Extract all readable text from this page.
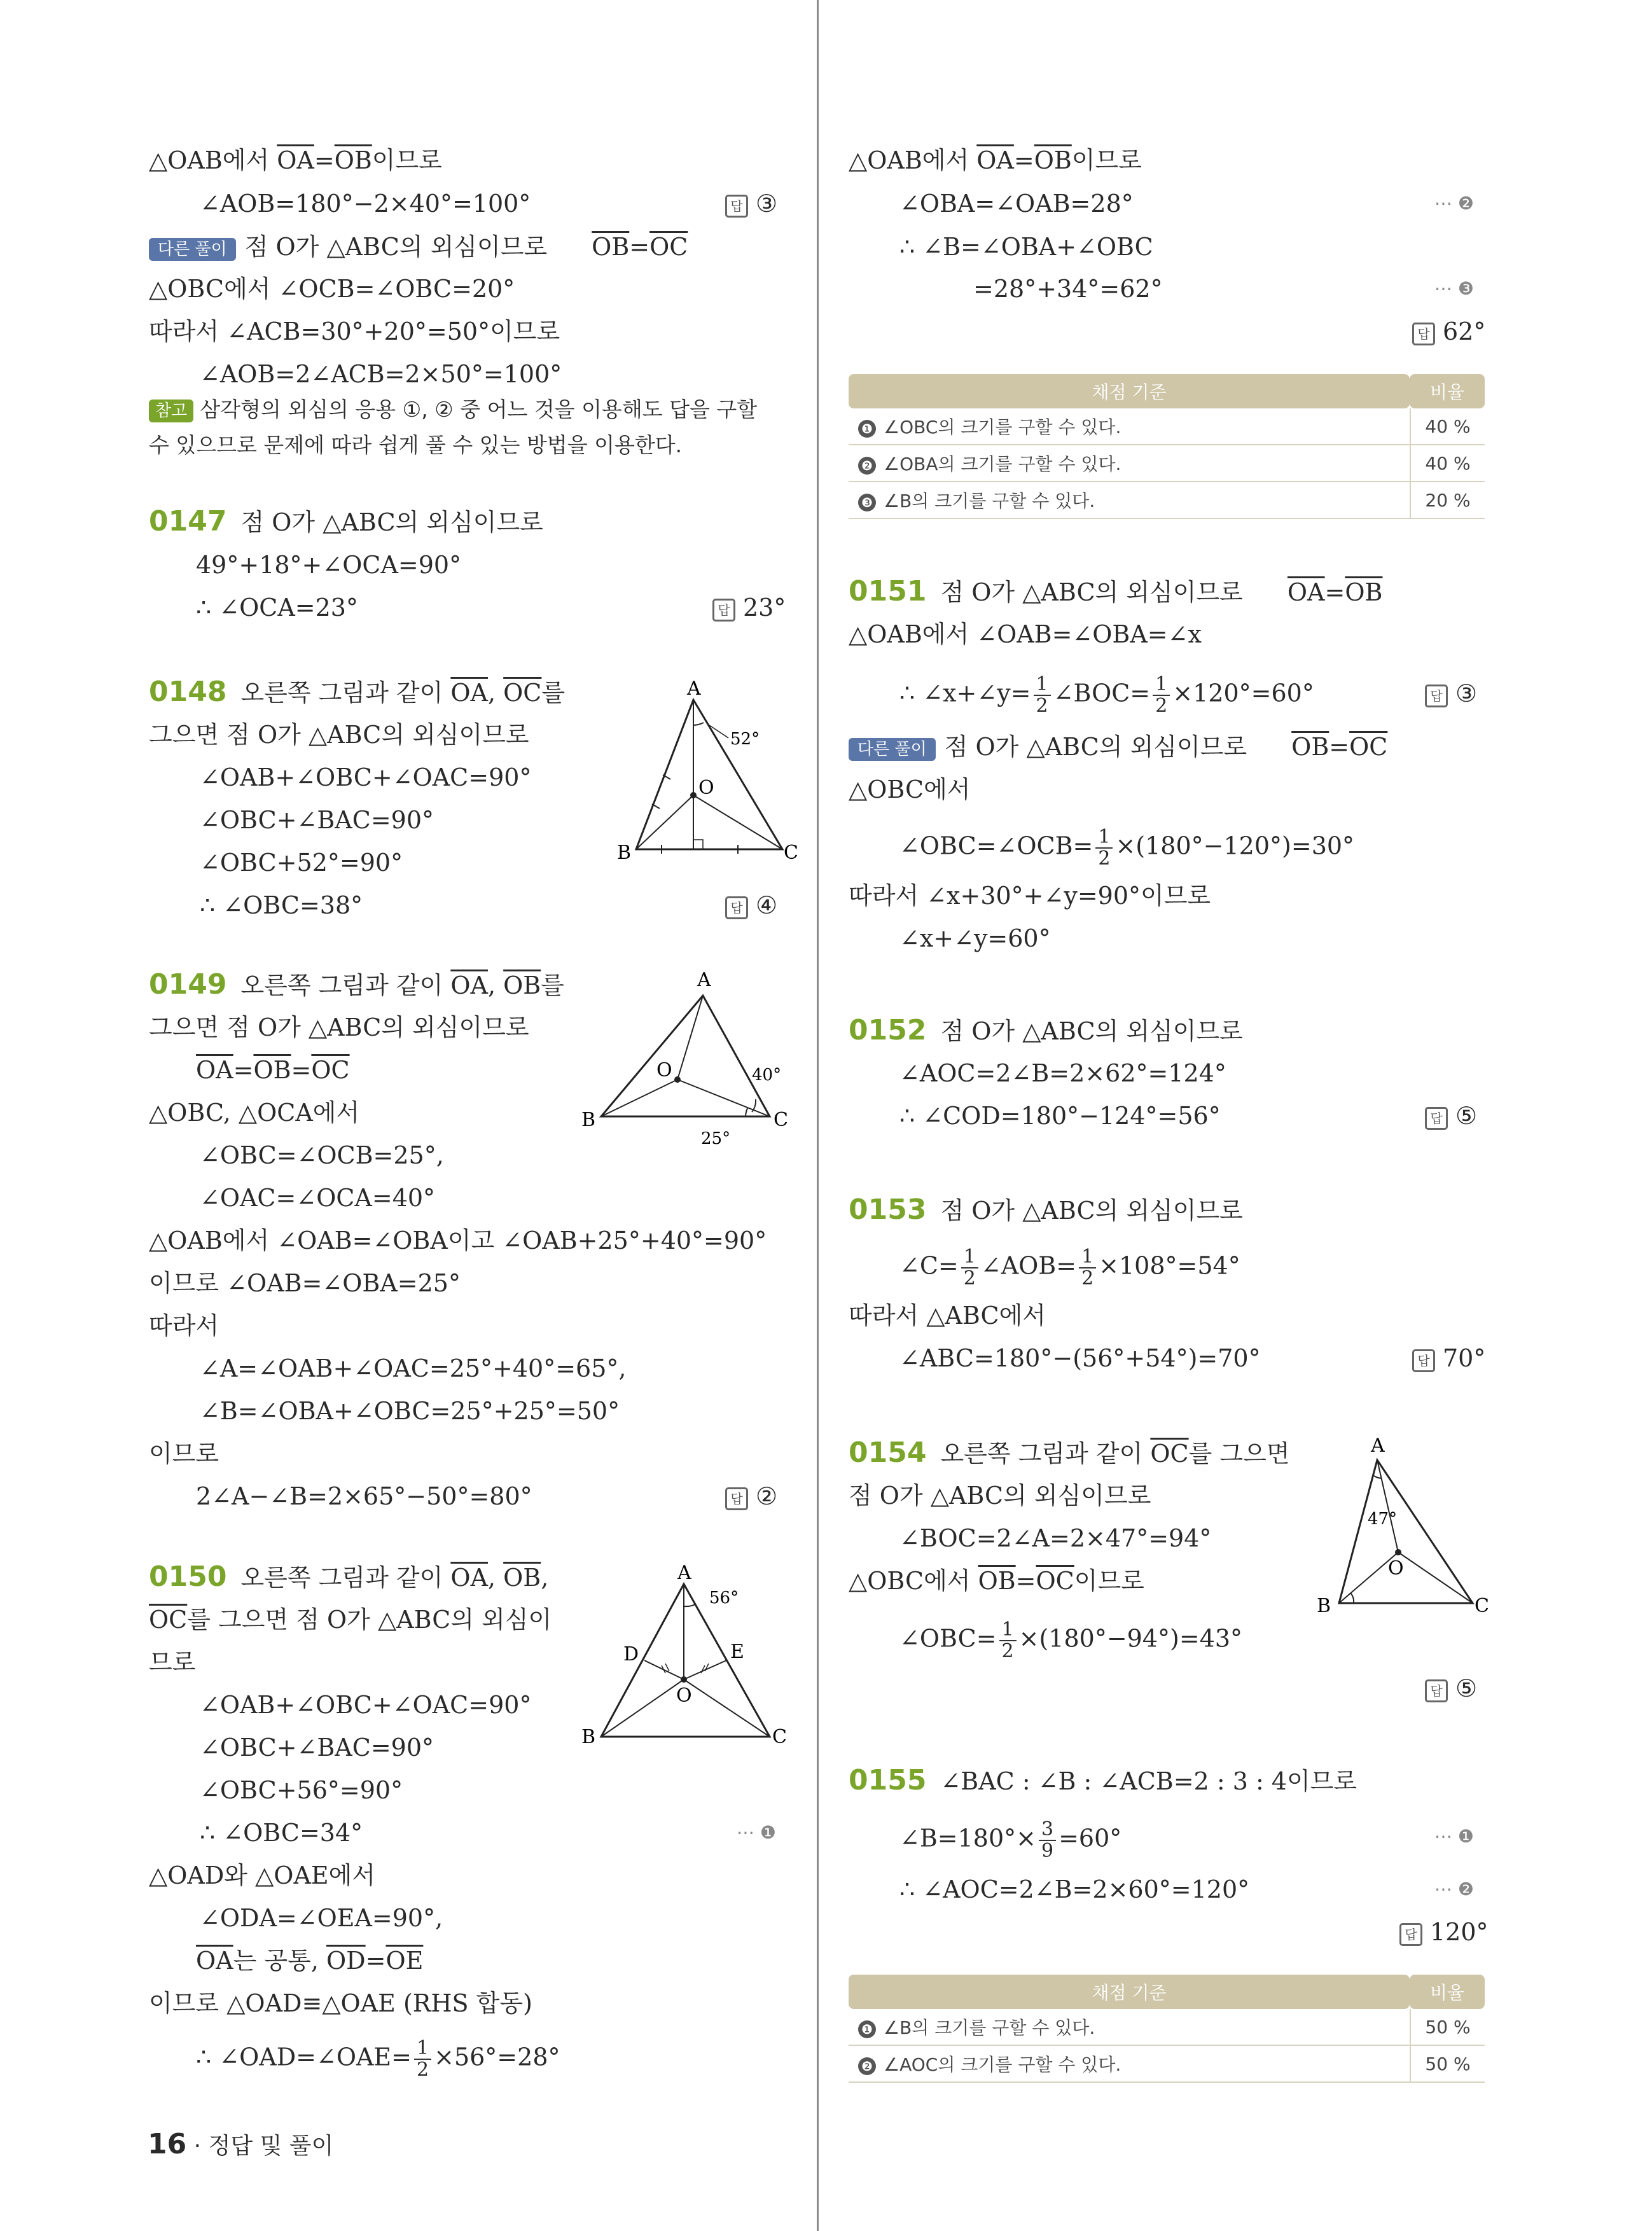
△OAB에서 $\overline{OA}=\overline{OB}$이므로
∠AOB=180°−2×40°=100°	답 ③
다른 풀이 점 O가 △ABC의 외심이므로 $\overline{OB}=\overline{OC}$
△OBC에서 ∠OCB=∠OBC=20°
따라서 ∠ACB=30°+20°=50°이므로
∠AOB=2∠ACB=2×50°=100°
참고 삼각형의 외심의 응용 ①, ② 중 어느 것을 이용해도 답을 구할
수 있으므로 문제에 따라 쉽게 풀 수 있는 방법을 이용한다.
0147 점 O가 △ABC의 외심이므로
49°+18°+∠OCA=90°
∴ ∠OCA=23°	답 23°
0148 오른쪽 그림과 같이 $\overline{OA}$, $\overline{OC}$를
그으면 점 O가 △ABC의 외심이므로
∠OAB+∠OBC+∠OAC=90°
∠OBC+∠BAC=90°
∠OBC+52°=90°
∴ ∠OBC=38°	답 ④
A
B	C
O
52°
0149 오른쪽 그림과 같이 $\overline{OA}$, $\overline{OB}$를
그으면 점 O가 △ABC의 외심이므로
$\overline{OA}=\overline{OB}=\overline{OC}$
△OBC, △OCA에서
∠OBC=∠OCB=25°,
∠OAC=∠OCA=40°
△OAB에서 ∠OAB=∠OBA이고 ∠OAB+25°+40°=90°
이므로 ∠OAB=∠OBA=25°
따라서
∠A=∠OAB+∠OAC=25°+40°=65°,
∠B=∠OBA+∠OBC=25°+25°=50°
이므로
2∠A−∠B=2×65°−50°=80°	답 ②
A
B	C
O	40°
25°
0150 오른쪽 그림과 같이 $\overline{OA}$, $\overline{OB}$,
$\overline{OC}$를 그으면 점 O가 △ABC의 외심이
므로
∠OAB+∠OBC+∠OAC=90°
∠OBC+∠BAC=90°
∠OBC+56°=90°
∴ ∠OBC=34°	⋯ ❶
△OAD와 △OAE에서
∠ODA=∠OEA=90°,
$\overline{OA}$는 공통, $\overline{OD}=\overline{OE}$
이므로 △OAD≡△OAE (RHS 합동)
∴ ∠OAD=∠OAE= $\frac{1}{2} \times 56^\circ=28^\circ$
A
B	C
O
D	E
56°
16 · 정답 및 풀이
△OAB에서 $\overline{OA}=\overline{OB}$이므로
∠OBA=∠OAB=28°	⋯ ❷
∴ ∠B=∠OBA+∠OBC
=28°+34°=62°	⋯ ❸
답 62°
채점 기준	비율
❶ ∠OBC의 크기를 구할 수 있다.	40 %
❷ ∠OBA의 크기를 구할 수 있다.	40 %
❸ ∠B의 크기를 구할 수 있다.	20 %
0151 점 O가 △ABC의 외심이므로 $\overline{OA}=\overline{OB}$
△OAB에서 ∠OAB=∠OBA=∠x
∴ ∠x+∠y= $\frac{1}{2}$ ∠BOC= $\frac{1}{2} \times 120^\circ=60^\circ$	답 ③
다른 풀이 점 O가 △ABC의 외심이므로 $\overline{OB}=\overline{OC}$
△OBC에서
∠OBC=∠OCB= $\frac{1}{2} \times(180^\circ-120^\circ)=30^\circ$
따라서 ∠x+30°+∠y=90°이므로
∠x+∠y=60°
0152 점 O가 △ABC의 외심이므로
∠AOC=2∠B=2×62°=124°
∴ ∠COD=180°−124°=56°	답 ⑤
0153 점 O가 △ABC의 외심이므로
∠C= $\frac{1}{2}$ ∠AOB= $\frac{1}{2} \times 108^\circ=54^\circ$
따라서 △ABC에서
∠ABC=180°−(56°+54°)=70°	답 70°
0154 오른쪽 그림과 같이 $\overline{OC}$를 그으면
점 O가 △ABC의 외심이므로
∠BOC=2∠A=2×47°=94°
△OBC에서 $\overline{OB}=\overline{OC}$이므로
∠OBC= $\frac{1}{2} \times(180^\circ-94^\circ)=43^\circ$
답 ⑤
A
B	C
O
47°
0155 ∠BAC : ∠B : ∠ACB=2 : 3 : 4이므로
∠B=180°× $\frac{3}{9} =60^\circ$	⋯ ❶
∴ ∠AOC=2∠B=2×60°=120°	⋯ ❷
답 120°
채점 기준	비율
❶ ∠B의 크기를 구할 수 있다.	50 %
❷ ∠AOC의 크기를 구할 수 있다.	50 %
